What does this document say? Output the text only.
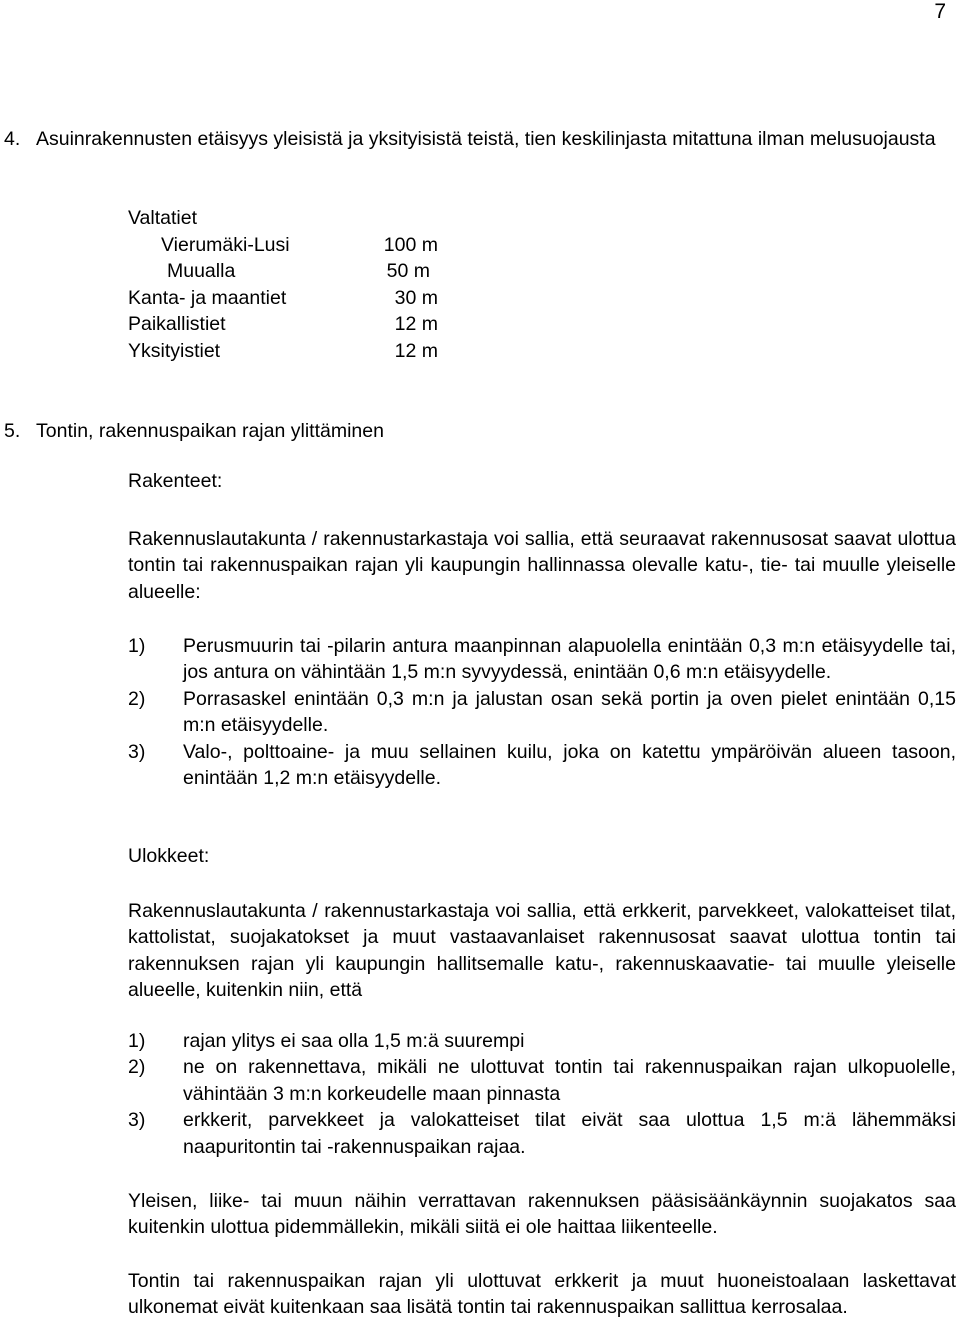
7
4. Asuinrakennusten etäisyys yleisistä ja yksityisistä teistä, tien keskilinjasta mitattuna ilman melusuojausta
Valtatiet
Vierumäki-Lusi	100 m
Muualla	50 m
Kanta- ja maantiet	30 m
Paikallistiet	12 m
Yksityistiet	12 m
5. Tontin, rakennuspaikan rajan ylittäminen
Rakenteet:
Rakennuslautakunta / rakennustarkastaja voi sallia, että seuraavat rakennusosat saavat ulottua tontin tai rakennuspaikan rajan yli kaupungin hallinnassa olevalle katu-, tie- tai muulle yleiselle alueelle:
1) Perusmuurin tai -pilarin antura maanpinnan alapuolella enintään 0,3 m:n etäisyydelle tai, jos antura on vähintään 1,5 m:n syvyydessä, enintään 0,6 m:n etäisyydelle.
2) Porrasaskel enintään 0,3 m:n ja jalustan osan sekä portin ja oven pielet enintään 0,15 m:n etäisyydelle.
3) Valo-, polttoaine- ja muu sellainen kuilu, joka on katettu ympäröivän alueen tasoon, enintään 1,2 m:n etäisyydelle.
Ulokkeet:
Rakennuslautakunta / rakennustarkastaja voi sallia, että erkkerit, parvekkeet, valokatteiset tilat, kattolistat, suojakatokset ja muut vastaavanlaiset rakennusosat saavat ulottua tontin tai rakennuksen rajan yli kaupungin hallitsemalle katu-, rakennuskaavatie- tai muulle yleiselle alueelle, kuitenkin niin, että
1) rajan ylitys ei saa olla 1,5 m:ä suurempi
2) ne on rakennettava, mikäli ne ulottuvat tontin tai rakennuspaikan rajan ulkopuolelle, vähintään 3 m:n korkeudelle maan pinnasta
3) erkkerit, parvekkeet ja valokatteiset tilat eivät saa ulottua 1,5 m:ä lähemmäksi naapuritontin tai -rakennuspaikan rajaa.
Yleisen, liike- tai muun näihin verrattavan rakennuksen pääsisäänkäynnin suojakatos saa kuitenkin ulottua pidemmällekin, mikäli siitä ei ole haittaa liikenteelle.
Tontin tai rakennuspaikan rajan yli ulottuvat erkkerit ja muut huoneistoalaan laskettavat ulkonemat eivät kuitenkaan saa lisätä tontin tai rakennuspaikan sallittua kerrosalaa.
